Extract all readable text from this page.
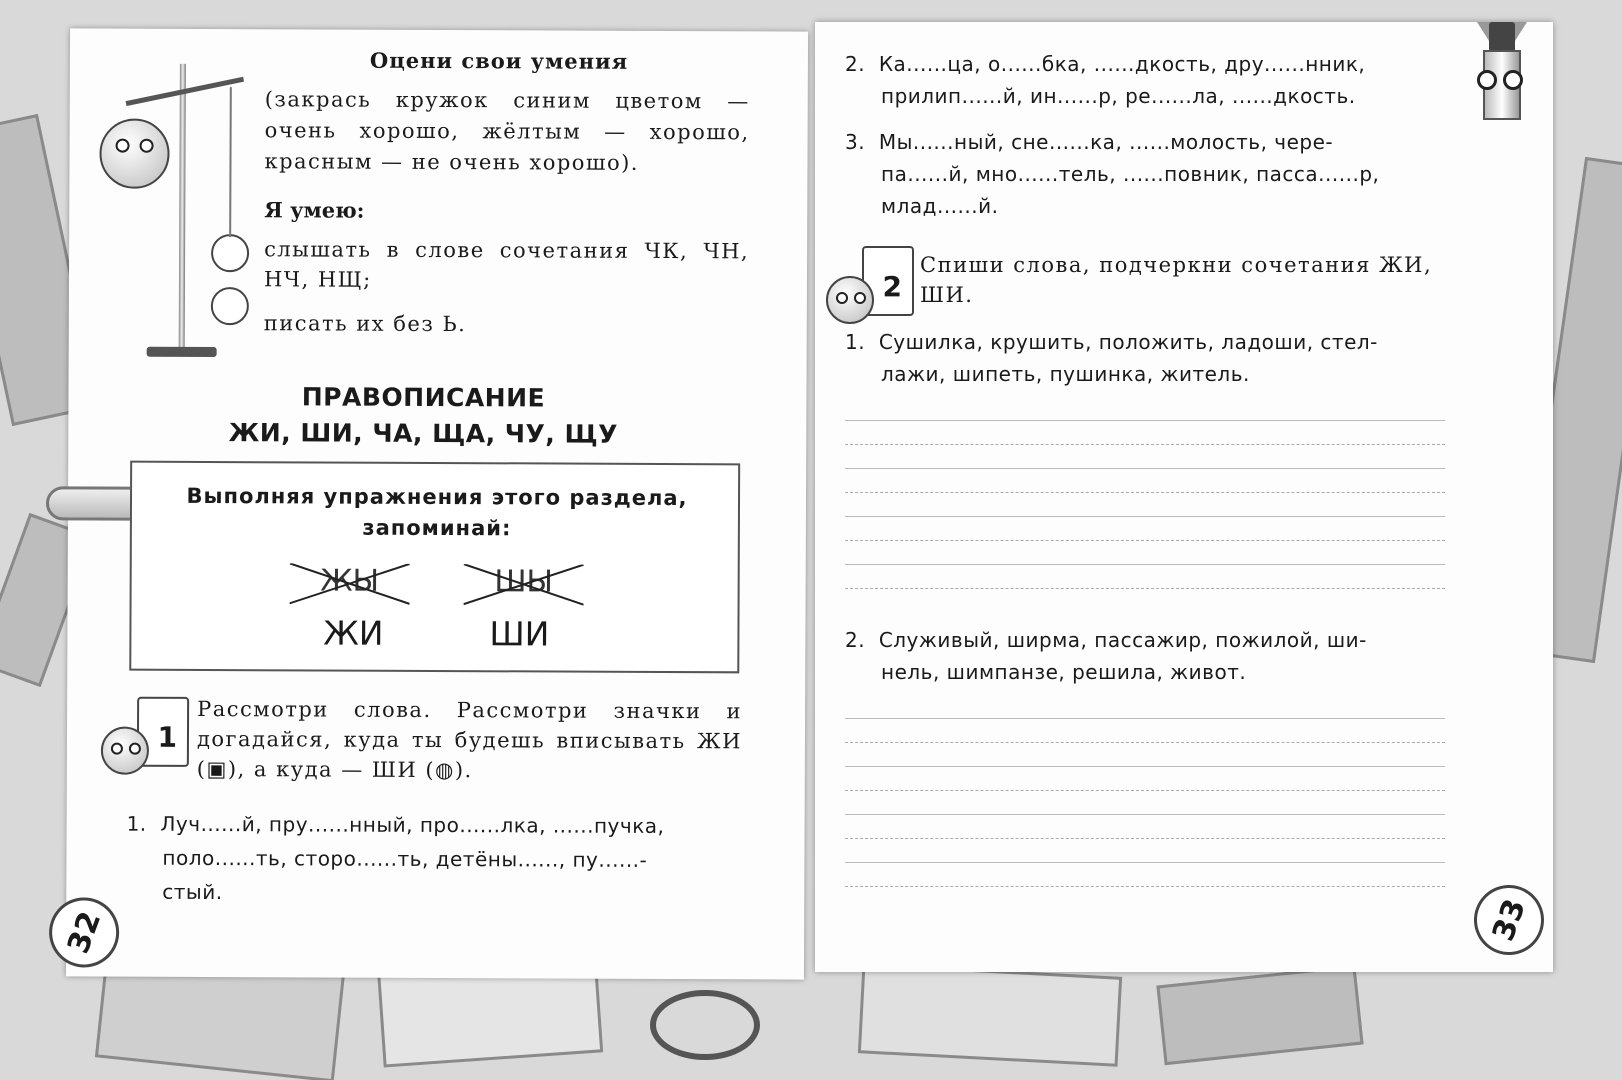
Оцени свои умения
(закрась кружок синим цветом — очень хорошо, жёлтым — хорошо, красным — не очень хорошо).
Я умею:
слышать в слове сочетания ЧК, ЧН, НЧ, НЩ;
писать их без Ь.
ПРАВОПИСАНИЕ
ЖИ, ШИ, ЧА, ЩА, ЧУ, ЩУ
Выполняя упражнения этого раздела, запоминай:
ЖЫ	ШЫ
ЖИ	ШИ
1
Рассмотри слова. Рассмотри значки и догадайся, куда ты будешь вписывать ЖИ (▣), а куда — ШИ (◍).
1. Луч......й, пру......нный, про......лка, ......пучка,
поло......ть, сторо......ть, детёны......, пу......-
стый.
32
2. Ка......ца, о......бка, ......дкость, дру......нник,
прилип......й, ин......р, ре......ла, ......дкость.
3. Мы......ный, сне......ка, ......молость, чере-
па......й, мно......тель, ......повник, пасса......р,
млад......й.
2
Спиши слова, подчеркни сочетания ЖИ, ШИ.
1. Сушилка, крушить, положить, ладоши, стел-
лажи, шипеть, пушинка, житель.
2. Служивый, ширма, пассажир, пожилой, ши-
нель, шимпанзе, решила, живот.
33
